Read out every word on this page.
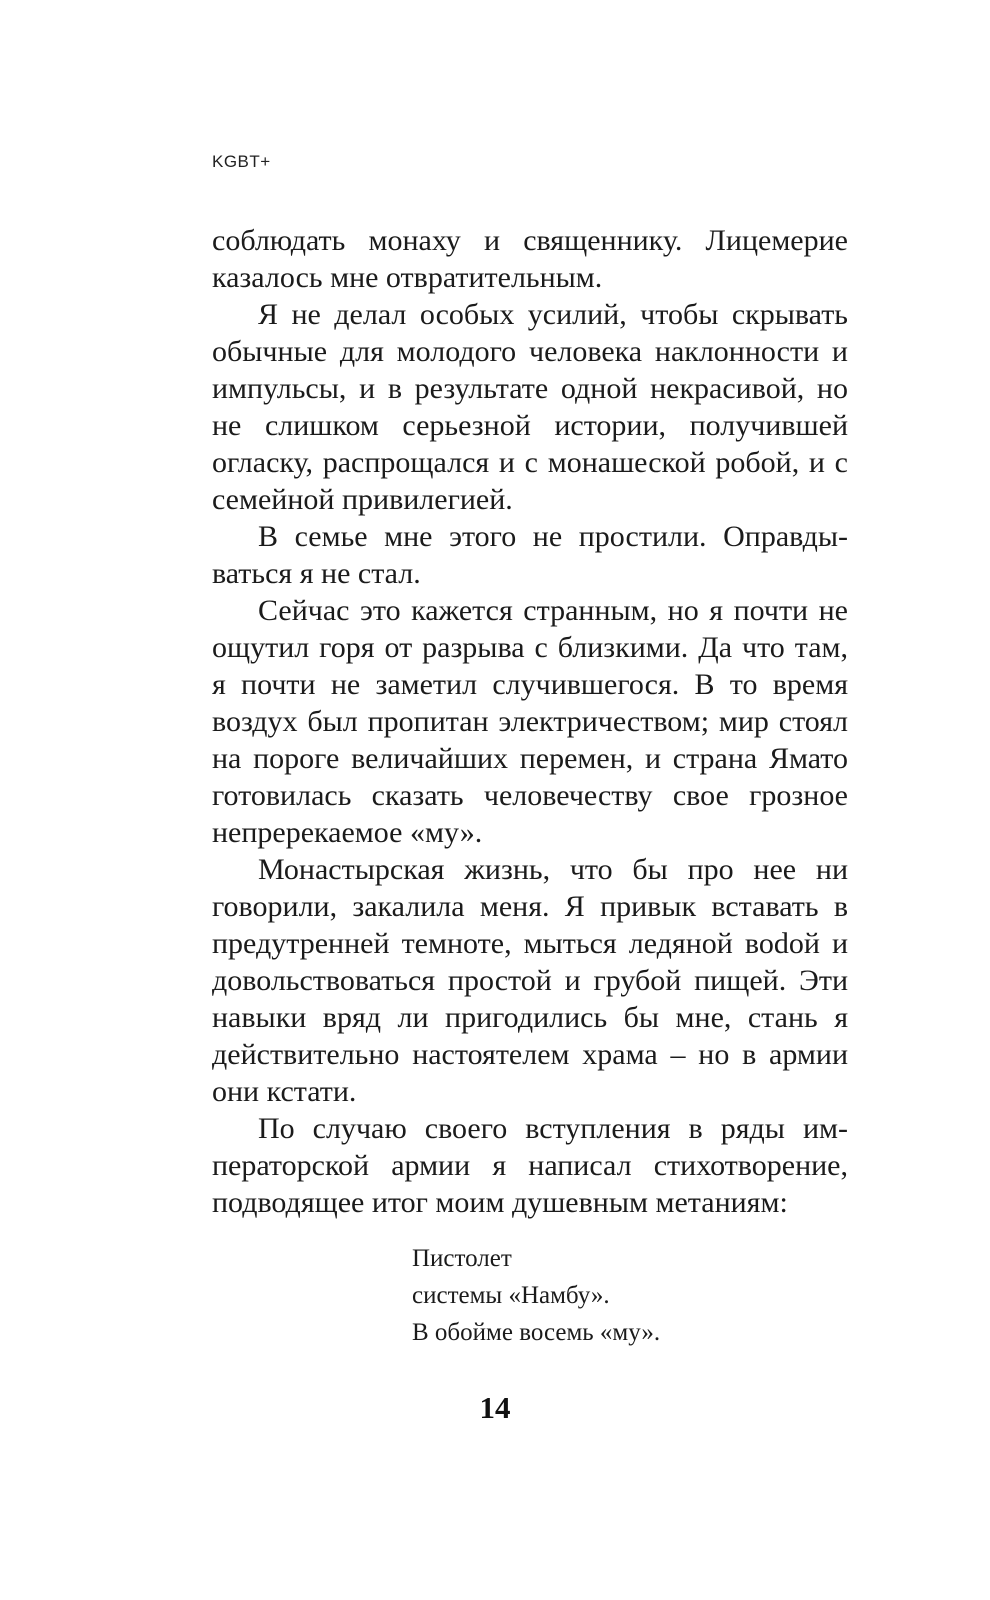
KGBT+

соблюдать монаху и священнику. Лицемерие казалось мне отвратительным.

Я не делал особых усилий, чтобы скрывать обычные для молодого человека наклонности и импульсы, и в результате одной некрасивой, но не слишком серьезной истории, получившей огласку, распрощался и с монашеской робой, и с семейной привилегией.

В семье мне этого не простили. Оправдываться я не стал.

Сейчас это кажется странным, но я почти не ощутил горя от разрыва с близкими. Да что там, я почти не заметил случившегося. В то время воздух был пропитан электричеством; мир стоял на пороге величайших перемен, и страна Ямато готовилась сказать человечеству свое грозное непререкаемое «му».

Монастырская жизнь, что бы про нее ни говорили, закалила меня. Я привык вставать в предутренней темноте, мыться ледяной воdой и довольствоваться простой и грубой пищей. Эти навыки вряд ли пригодились бы мне, стань я действительно настоятелем храма – но в армии они кстати.

По случаю своего вступления в ряды императорской армии я написал стихотворение, подводящее итог моим душевным метаниям:

Пистолет
системы «Намбу».
В обойме восемь «му».
14
